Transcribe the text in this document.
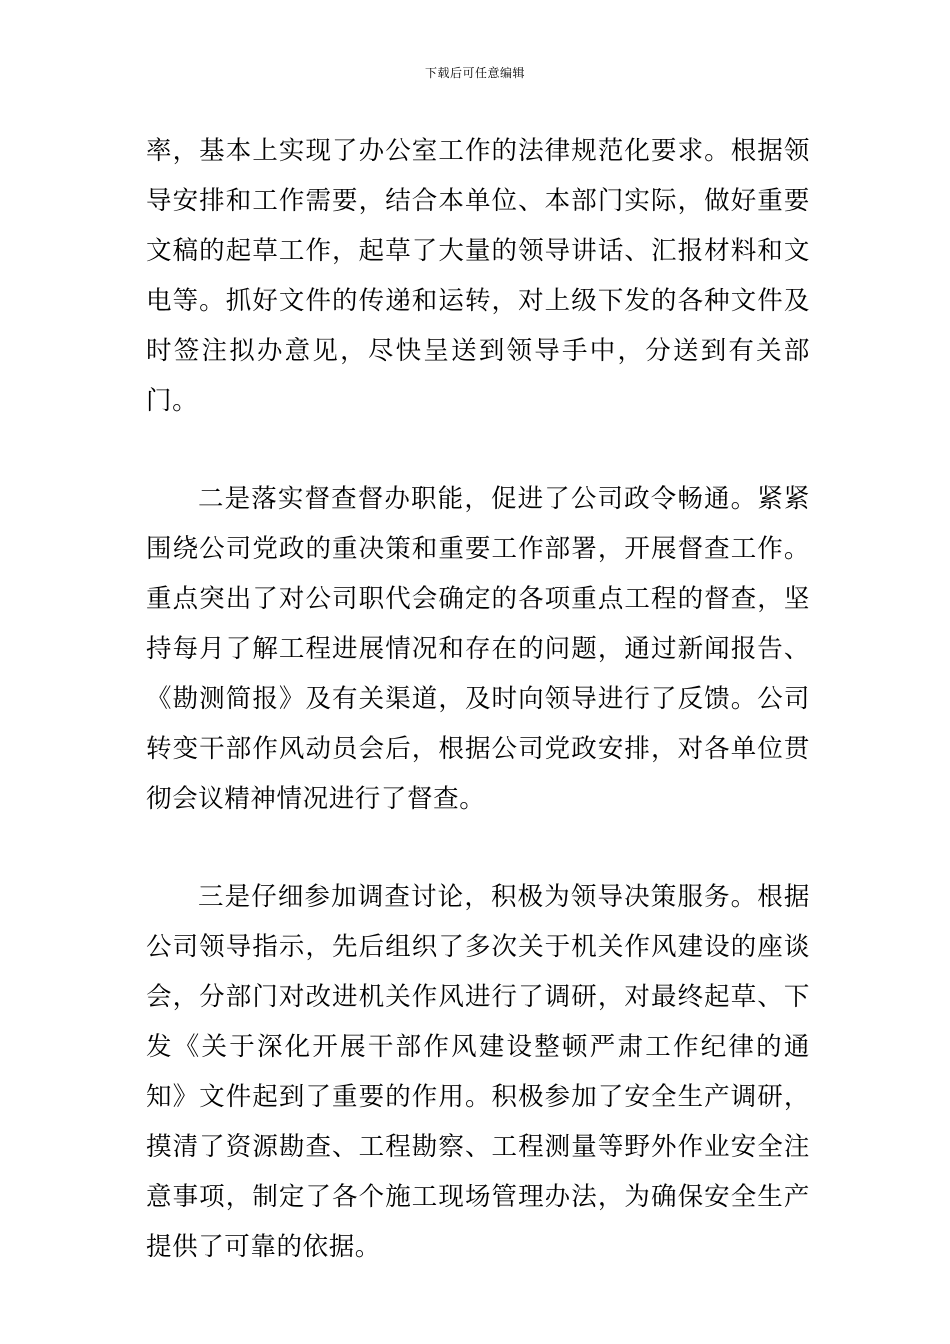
下载后可任意编辑

率，基本上实现了办公室工作的法律规范化要求。根据领导安排和工作需要，结合本单位、本部门实际，做好重要文稿的起草工作，起草了大量的领导讲话、汇报材料和文电等。抓好文件的传递和运转，对上级下发的各种文件及时签注拟办意见，尽快呈送到领导手中，分送到有关部门。

二是落实督查督办职能，促进了公司政令畅通。紧紧围绕公司党政的重决策和重要工作部署，开展督查工作。重点突出了对公司职代会确定的各项重点工程的督查，坚持每月了解工程进展情况和存在的问题，通过新闻报告、《勘测简报》及有关渠道，及时向领导进行了反馈。公司转变干部作风动员会后，根据公司党政安排，对各单位贯彻会议精神情况进行了督查。

三是仔细参加调查讨论，积极为领导决策服务。根据公司领导指示，先后组织了多次关于机关作风建设的座谈会，分部门对改进机关作风进行了调研，对最终起草、下发《关于深化开展干部作风建设整顿严肃工作纪律的通知》文件起到了重要的作用。积极参加了安全生产调研，摸清了资源勘查、工程勘察、工程测量等野外作业安全注意事项，制定了各个施工现场管理办法，为确保安全生产提供了可靠的依据。
